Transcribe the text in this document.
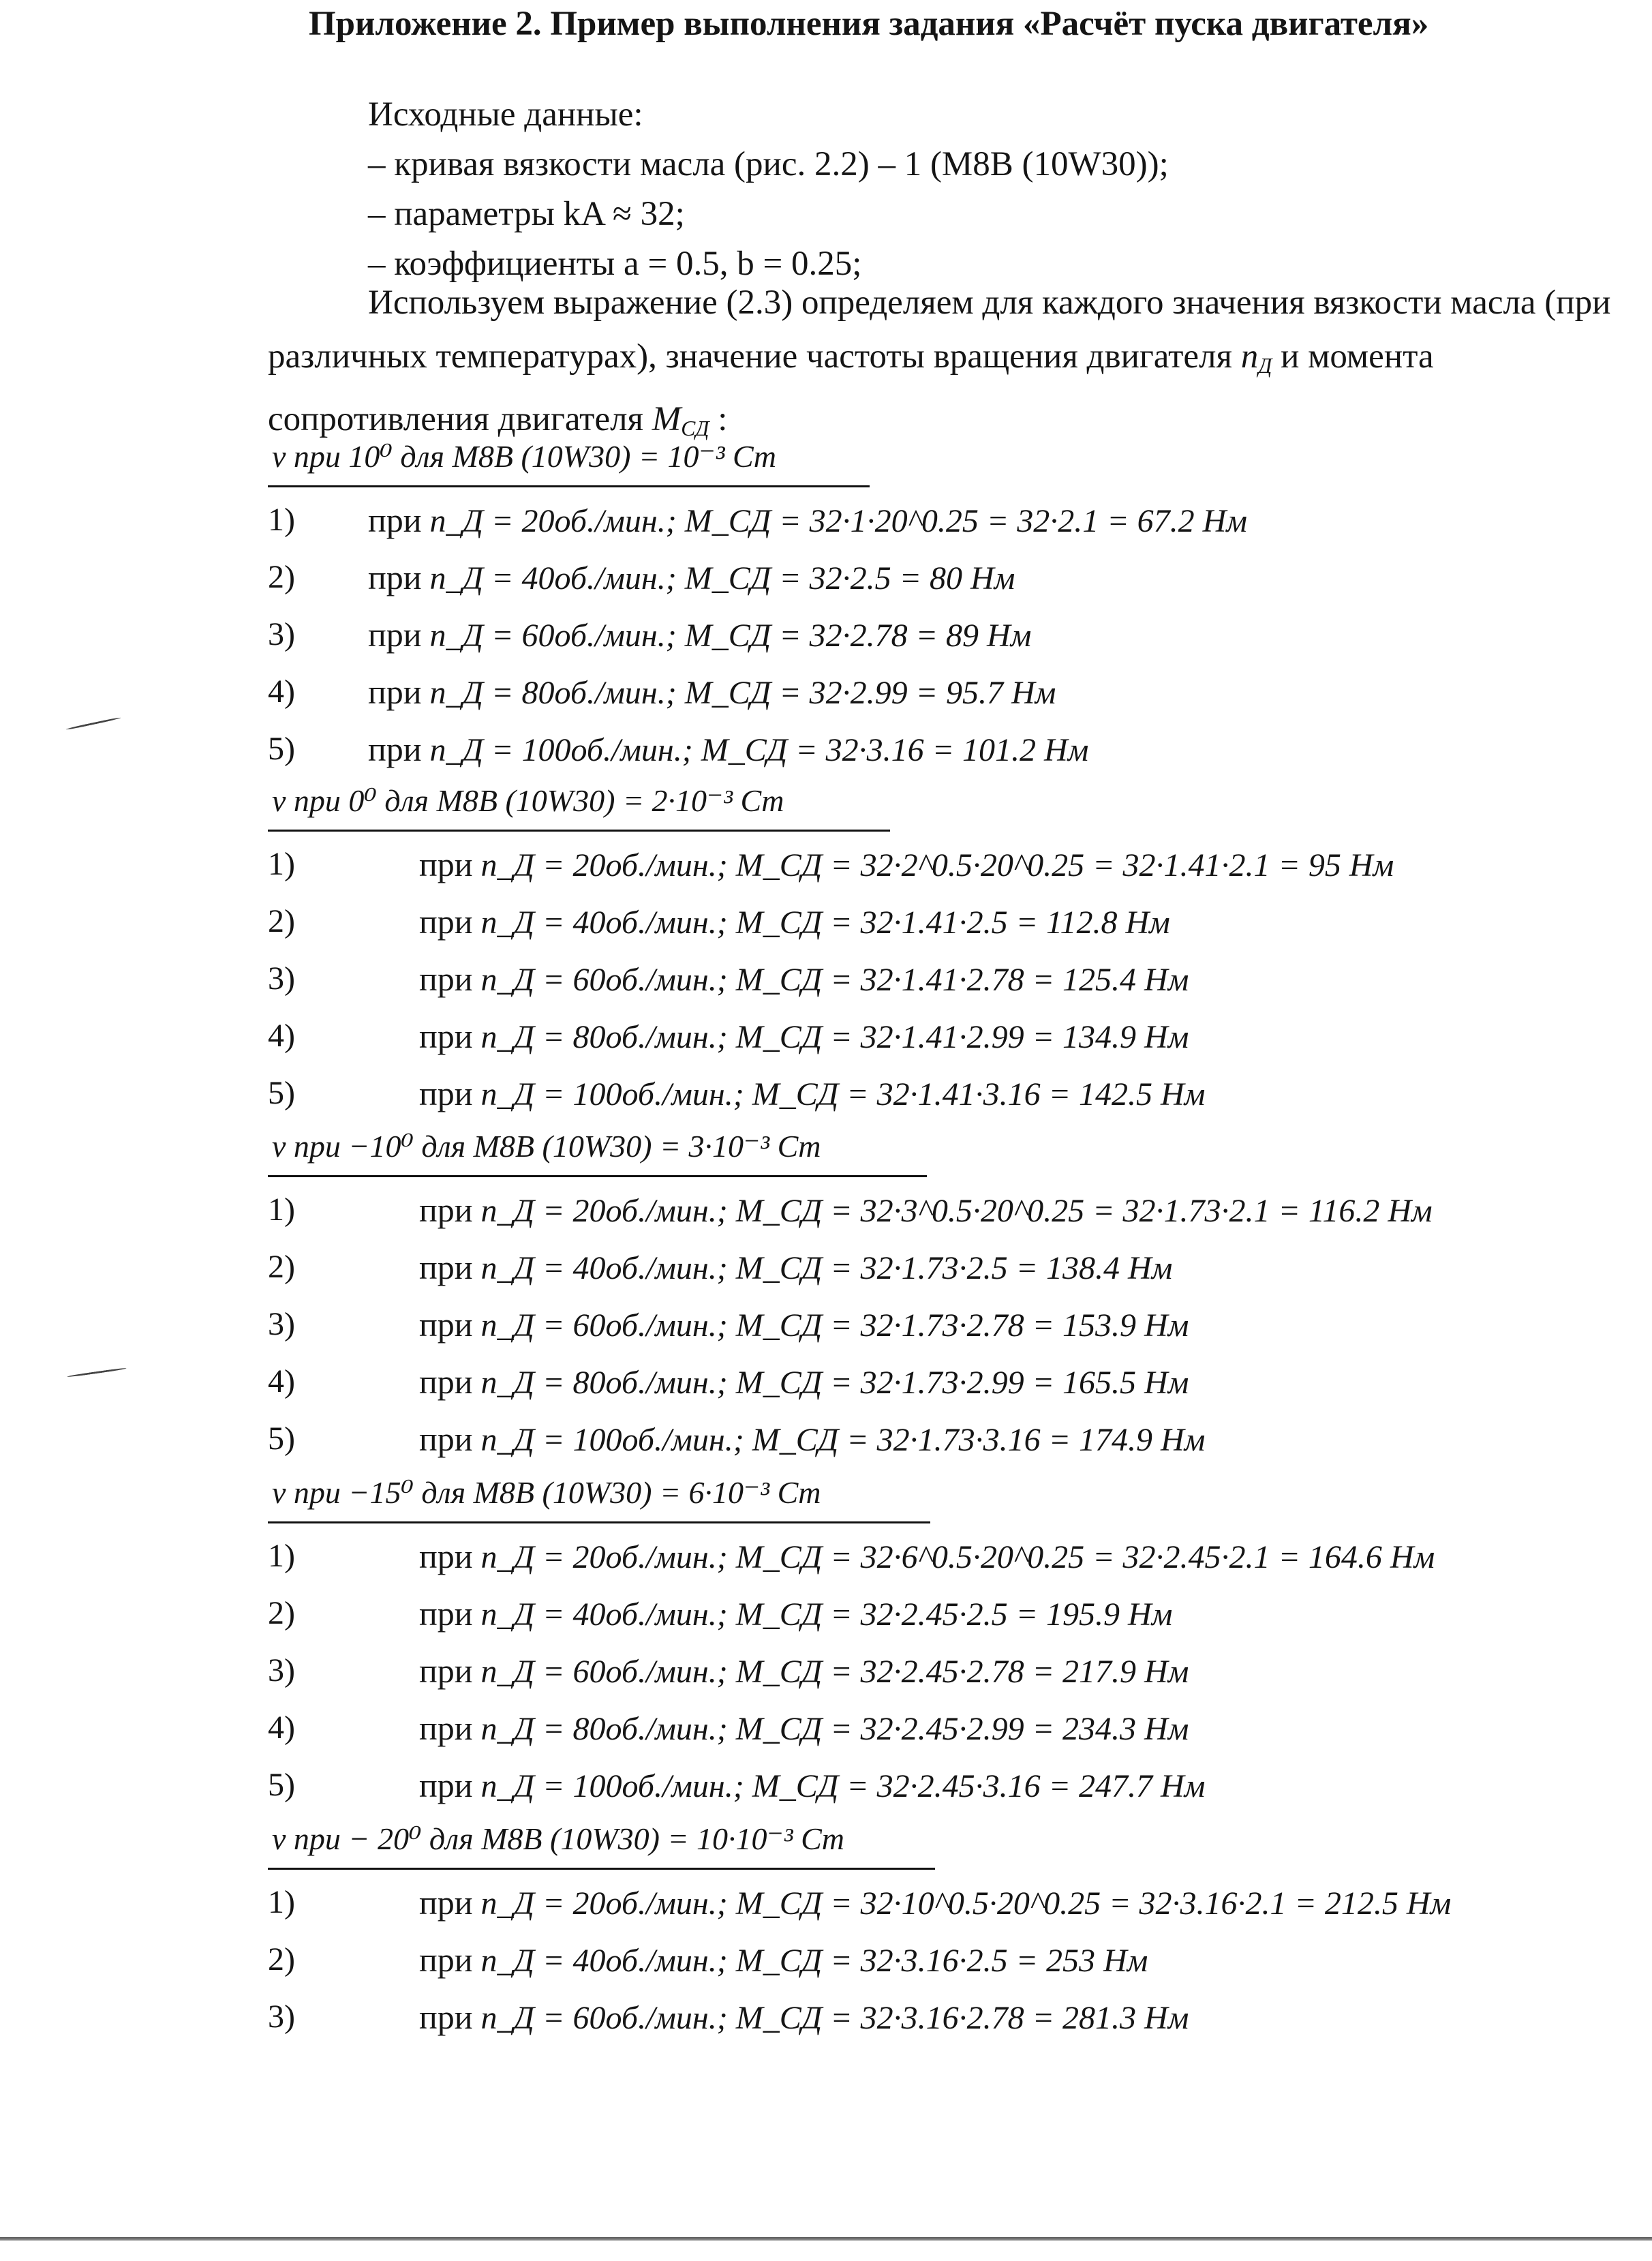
Приложение 2. Пример выполнения задания «Расчёт пуска двигателя»
Исходные данные:
– кривая вязкости масла (рис. 2.2) – 1 (М8В (10W30));
– параметры kA ≈ 32;
– коэффициенты a = 0.5, b = 0.25;
Используем выражение (2.3) определяем для каждого значения вязкости масла (при различных температурах), значение частоты вращения двигателя $n_Д$ и момента сопротивления двигателя $M_{СД}$ :
ν при 10⁰ для М8В (10W30) = 10⁻³ Cт
1) при n_Д = 20об./мин.; M_СД = 32·1·20^0.25 = 32·2.1 = 67.2 Нм
2) при n_Д = 40об./мин.; M_СД = 32·2.5 = 80 Нм
3) при n_Д = 60об./мин.; M_СД = 32·2.78 = 89 Нм
4) при n_Д = 80об./мин.; M_СД = 32·2.99 = 95.7 Нм
5) при n_Д = 100об./мин.; M_СД = 32·3.16 = 101.2 Нм
ν при 0⁰ для М8В (10W30) = 2·10⁻³ Cт
1)	при n_Д = 20об./мин.; M_СД = 32·2^0.5·20^0.25 = 32·1.41·2.1 = 95 Нм
2)	при n_Д = 40об./мин.; M_СД = 32·1.41·2.5 = 112.8 Нм
3)	при n_Д = 60об./мин.; M_СД = 32·1.41·2.78 = 125.4 Нм
4)	при n_Д = 80об./мин.; M_СД = 32·1.41·2.99 = 134.9 Нм
5)	при n_Д = 100об./мин.; M_СД = 32·1.41·3.16 = 142.5 Нм
ν при −10⁰ для М8В (10W30) = 3·10⁻³ Cт
1)	при n_Д = 20об./мин.; M_СД = 32·3^0.5·20^0.25 = 32·1.73·2.1 = 116.2 Нм
2)	при n_Д = 40об./мин.; M_СД = 32·1.73·2.5 = 138.4 Нм
3)	при n_Д = 60об./мин.; M_СД = 32·1.73·2.78 = 153.9 Нм
4)	при n_Д = 80об./мин.; M_СД = 32·1.73·2.99 = 165.5 Нм
5)	при n_Д = 100об./мин.; M_СД = 32·1.73·3.16 = 174.9 Нм
ν при −15⁰ для М8В (10W30) = 6·10⁻³ Cт
1)	при n_Д = 20об./мин.; M_СД = 32·6^0.5·20^0.25 = 32·2.45·2.1 = 164.6 Нм
2)	при n_Д = 40об./мин.; M_СД = 32·2.45·2.5 = 195.9 Нм
3)	при n_Д = 60об./мин.; M_СД = 32·2.45·2.78 = 217.9 Нм
4)	при n_Д = 80об./мин.; M_СД = 32·2.45·2.99 = 234.3 Нм
5)	при n_Д = 100об./мин.; M_СД = 32·2.45·3.16 = 247.7 Нм
ν при − 20⁰ для М8В (10W30) = 10·10⁻³ Cт
1)	при n_Д = 20об./мин.; M_СД = 32·10^0.5·20^0.25 = 32·3.16·2.1 = 212.5 Нм
2)	при n_Д = 40об./мин.; M_СД = 32·3.16·2.5 = 253 Нм
3)	при n_Д = 60об./мин.; M_СД = 32·3.16·2.78 = 281.3 Нм
